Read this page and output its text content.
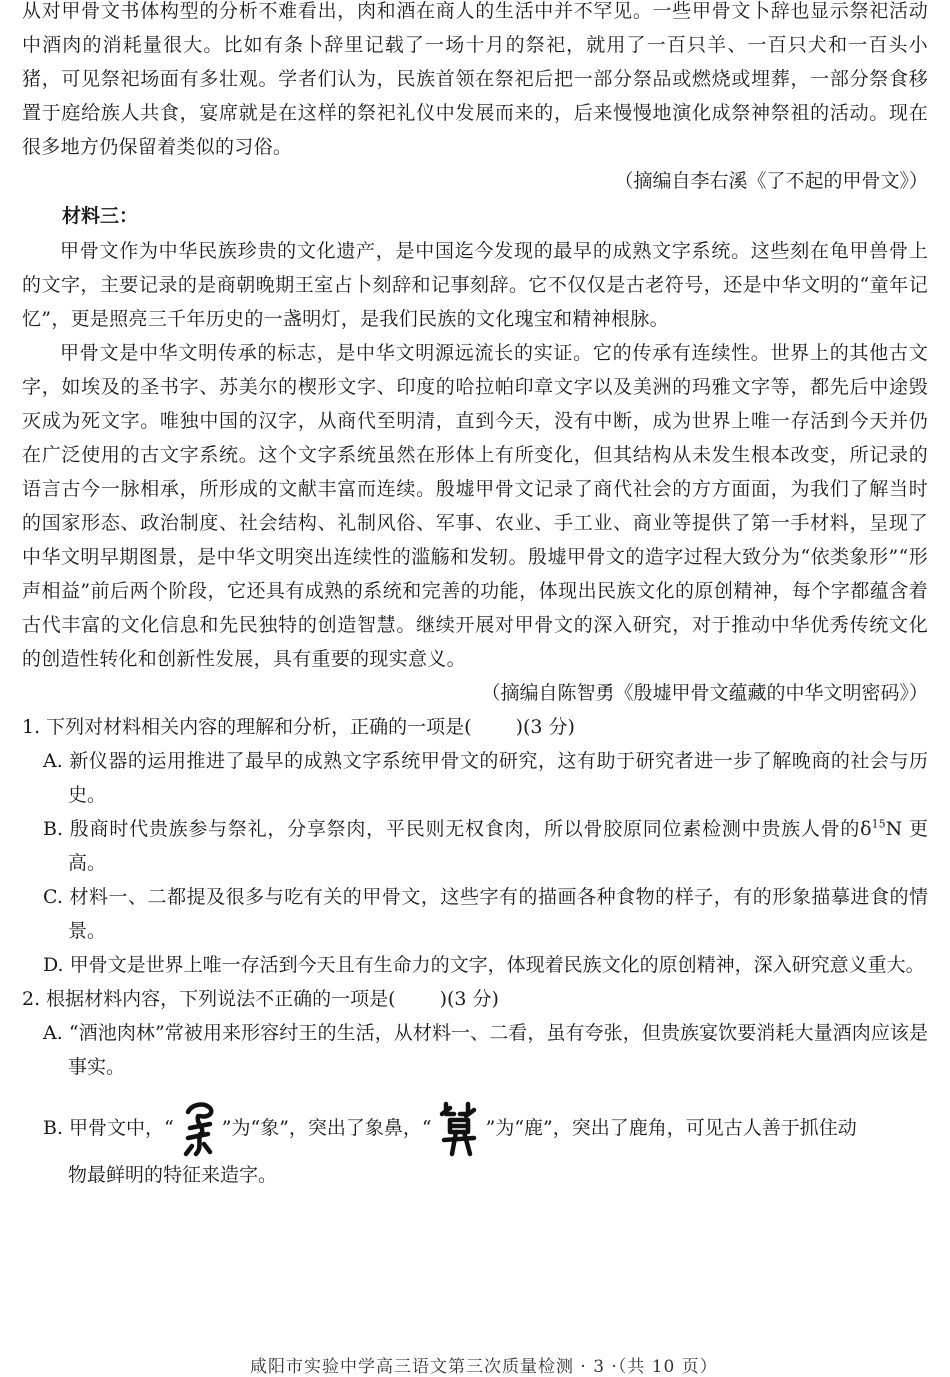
从对甲骨文书体构型的分析不难看出，肉和酒在商人的生活中并不罕见。一些甲骨文卜辞也显示祭祀活动中酒肉的消耗量很大。比如有条卜辞里记载了一场十月的祭祀，就用了一百只羊、一百只犬和一百头小猪，可见祭祀场面有多壮观。学者们认为，民族首领在祭祀后把一部分祭品或燃烧或埋葬，一部分祭食移置于庭给族人共食，宴席就是在这样的祭祀礼仪中发展而来的，后来慢慢地演化成祭神祭祖的活动。现在很多地方仍保留着类似的习俗。

（摘编自李右溪《了不起的甲骨文》）

材料三：

甲骨文作为中华民族珍贵的文化遗产，是中国迄今发现的最早的成熟文字系统。这些刻在龟甲兽骨上的文字，主要记录的是商朝晚期王室占卜刻辞和记事刻辞。它不仅仅是古老符号，还是中华文明的“童年记忆”，更是照亮三千年历史的一盏明灯，是我们民族的文化瑰宝和精神根脉。

甲骨文是中华文明传承的标志，是中华文明源远流长的实证。它的传承有连续性。世界上的其他古文字，如埃及的圣书字、苏美尔的楔形文字、印度的哈拉帕印章文字以及美洲的玛雅文字等，都先后中途毁灭成为死文字。唯独中国的汉字，从商代至明清，直到今天，没有中断，成为世界上唯一存活到今天并仍在广泛使用的古文字系统。这个文字系统虽然在形体上有所变化，但其结构从未发生根本改变，所记录的语言古今一脉相承，所形成的文献丰富而连续。殷墟甲骨文记录了商代社会的方方面面，为我们了解当时的国家形态、政治制度、社会结构、礼制风俗、军事、农业、手工业、商业等提供了第一手材料，呈现了中华文明早期图景，是中华文明突出连续性的滥觞和发轫。殷墟甲骨文的造字过程大致分为“依类象形”“形声相益”前后两个阶段，它还具有成熟的系统和完善的功能，体现出民族文化的原创精神，每个字都蕴含着古代丰富的文化信息和先民独特的创造智慧。继续开展对甲骨文的深入研究，对于推动中华优秀传统文化的创造性转化和创新性发展，具有重要的现实意义。

（摘编自陈智勇《殷墟甲骨文蕴藏的中华文明密码》）

1. 下列对材料相关内容的理解和分析，正确的一项是( )(3 分)

A. 新仪器的运用推进了最早的成熟文字系统甲骨文的研究，这有助于研究者进一步了解晚商的社会与历史。

B. 殷商时代贵族参与祭礼，分享祭肉，平民则无权食肉，所以骨胶原同位素检测中贵族人骨的$\delta^{15}N$ 更高。

C. 材料一、二都提及很多与吃有关的甲骨文，这些字有的描画各种食物的样子，有的形象描摹进食的情景。

D. 甲骨文是世界上唯一存活到今天且有生命力的文字，体现着民族文化的原创精神，深入研究意义重大。

2. 根据材料内容，下列说法不正确的一项是( )(3 分)

A. “酒池肉林”常被用来形容纣王的生活，从材料一、二看，虽有夸张，但贵族宴饮要消耗大量酒肉应该是事实。

B. 甲骨文中，“	”为“象”，突出了象鼻，“	”为“鹿”，突出了鹿角，可见古人善于抓住动

物最鲜明的特征来造字。

咸阳市实验中学高三语文第三次质量检测 · 3 ·（共 10 页）
